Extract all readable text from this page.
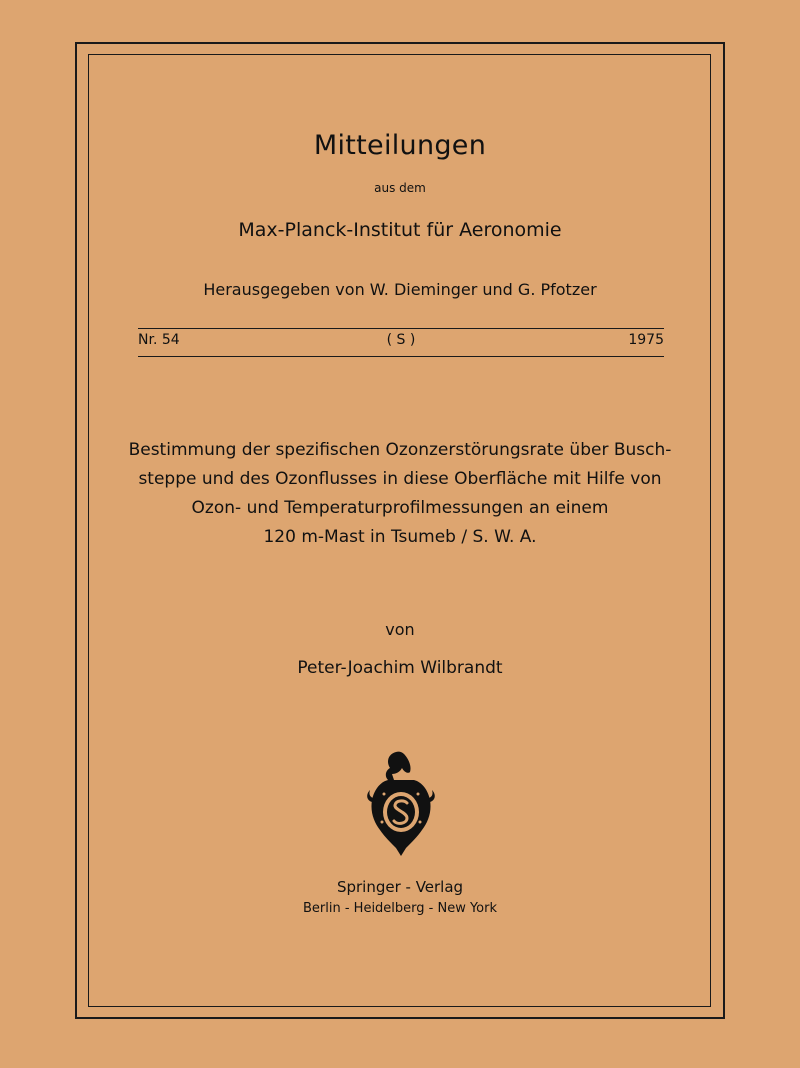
Mitteilungen
aus dem
Max-Planck-Institut für Aeronomie
Herausgegeben von W. Dieminger und G. Pfotzer
Nr. 54	( S )	1975
Bestimmung der spezifischen Ozonzerstörungsrate über Busch-
steppe und des Ozonflusses in diese Oberfläche mit Hilfe von
Ozon- und Temperaturprofilmessungen an einem
120 m-Mast in Tsumeb / S. W. A.
von
Peter-Joachim Wilbrandt
Springer - Verlag
Berlin - Heidelberg - New York
